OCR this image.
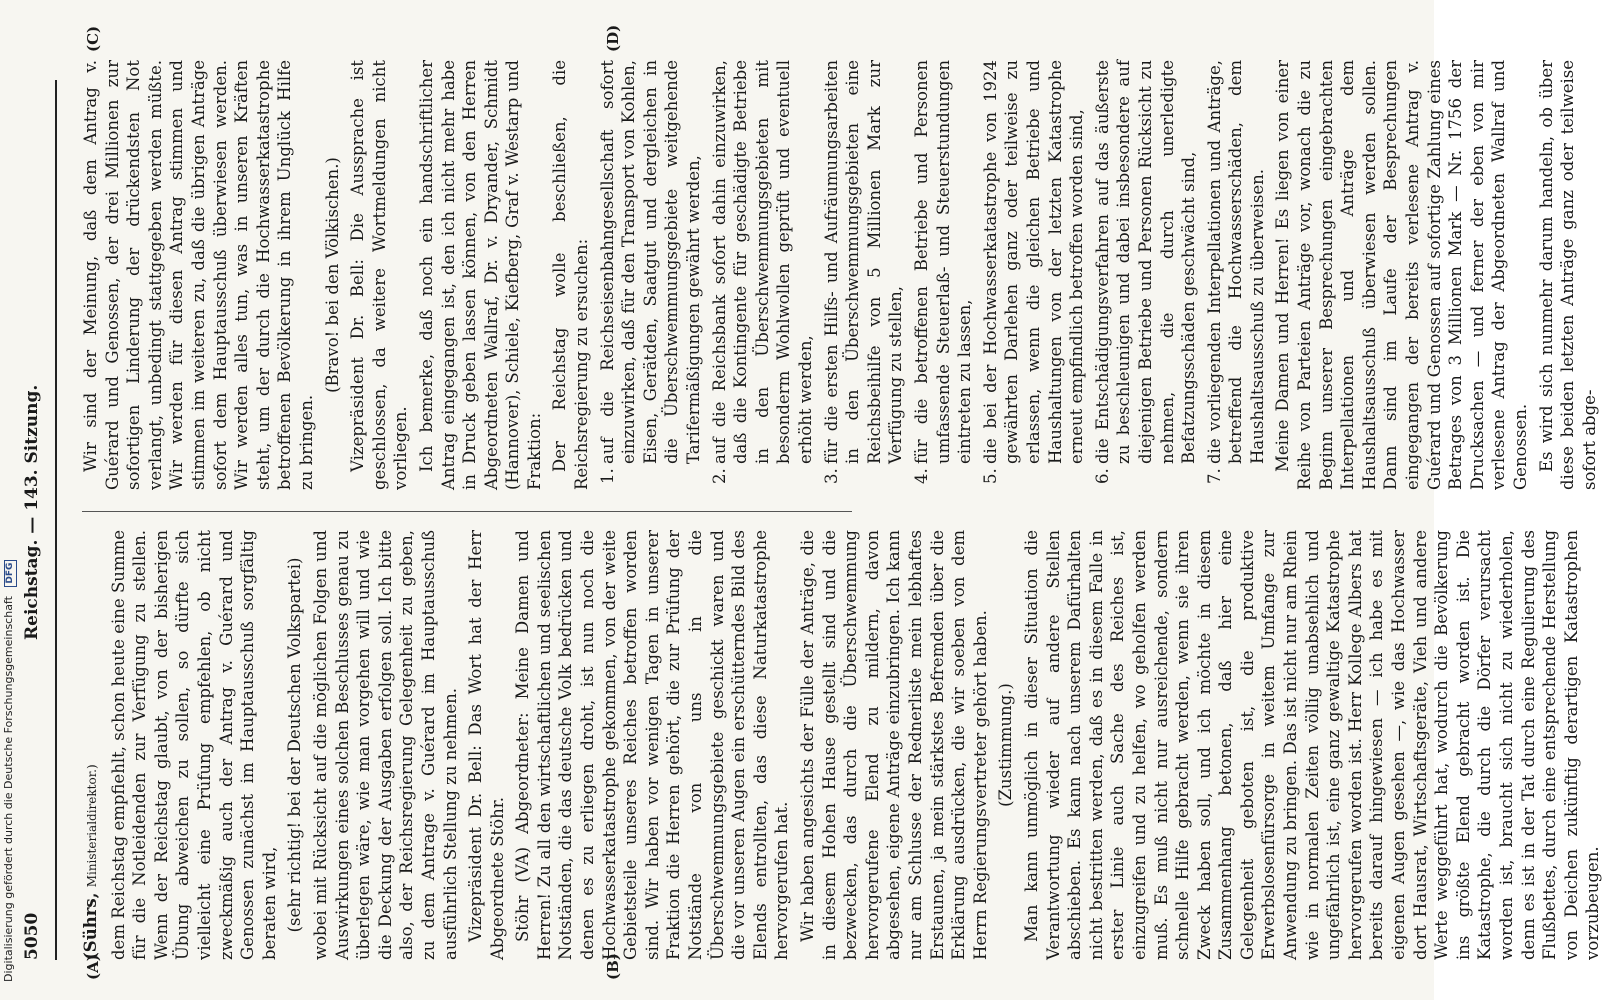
5050
Reichstag. — 143. Sitzung.
(A)	(B)
(C)	(D)

(Sührs, Ministerialdirektor.) dem Reichstag empfiehlt, schon heute eine Summe für die Notleidenden zur Verfügung zu stellen. Wenn der Reichstag glaubt, von der bisherigen Übung abweichen zu sollen, so dürfte sich vielleicht eine Prüfung empfehlen, ob nicht zweckmäßig auch der Antrag v. Guérard und Genossen zunächst im Hauptausschuß sorgfältig beraten wird, (sehr richtig! bei der Deutschen Volkspartei) wobei mit Rücksicht auf die möglichen Folgen und Auswirkungen eines solchen Beschlusses genau zu überlegen wäre, wie man vorgehen will und wie die Deckung der Ausgaben erfolgen soll. Ich bitte also, der Reichsregierung Gelegenheit zu geben, zu dem Antrage v. Guérard im Hauptausschuß ausführlich Stellung zu nehmen. Vizepräsident Dr. Bell: Das Wort hat der Herr Abgeordnete Stöhr. Stöhr (VA) Abgeordneter: Meine Damen und Herren! Zu all den wirtschaftlichen und seelischen Notständen, die das deutsche Volk bedrücken und denen es zu erliegen droht, ist nun noch die Hochwasserkatastrophe gekommen, von der weite Gebietsteile unseres Reiches betroffen worden sind. Wir haben vor wenigen Tagen in unserer Fraktion die Herren gehört, die zur Prüfung der Notstände von uns in die Überschwemmungsgebiete geschickt waren und die vor unseren Augen ein erschütterndes Bild des Elends entrollten, das diese Naturkatastrophe hervorgerufen hat. Wir haben angesichts der Fülle der Anträge, die in diesem Hohen Hause gestellt sind und die bezwecken, das durch die Überschwemmung hervorgerufene Elend zu mildern, davon abgesehen, eigene Anträge einzubringen. Ich kann nur am Schlusse der Rednerliste mein lebhaftes Erstaunen, ja mein stärkstes Befremden über die Erklärung ausdrücken, die wir soeben von dem Herrn Regierungsvertreter gehört haben. (Zustimmung.) Man kann unmöglich in dieser Situation die Verantwortung wieder auf andere Stellen abschieben. Es kann nach unserem Dafürhalten nicht bestritten werden, daß es in diesem Falle in erster Linie auch Sache des Reiches ist, einzugreifen und zu helfen, wo geholfen werden muß. Es muß nicht nur ausreichende, sondern schnelle Hilfe gebracht werden, wenn sie ihren Zweck haben soll, und ich möchte in diesem Zusammenhang betonen, daß hier eine Gelegenheit geboten ist, die produktive Erwerbslosenfürsorge in weitem Umfange zur Anwendung zu bringen. Das ist nicht nur am Rhein wie in normalen Zeiten völlig unabsehlich und ungefährlich ist, eine ganz gewaltige Katastrophe hervorgerufen worden ist. Herr Kollege Albers hat bereits darauf hingewiesen — ich habe es mit eigenen Augen gesehen —, wie das Hochwasser dort Hausrat, Wirtschaftsgeräte, Vieh und andere Werte weggeführt hat, wodurch die Bevölkerung ins größte Elend gebracht worden ist. Die Katastrophe, die durch die Dörfer verursacht worden ist, braucht sich nicht zu wiederholen, denn es ist in der Tat durch eine Regulierung des Flußbettes, durch eine entsprechende Herstellung von Deichen zukünftig derartigen Katastrophen vorzubeugen.

Wir sind der Meinung, daß dem Antrag v. Guérard und Genossen, der drei Millionen zur sofortigen Linderung der drückendsten Not verlangt, unbedingt stattgegeben werden müßte. Wir werden für diesen Antrag stimmen und stimmen im weiteren zu, daß die übrigen Anträge sofort dem Hauptausschuß überwiesen werden. Wir werden alles tun, was in unseren Kräften steht, um der durch die Hochwasserkatastrophe betroffenen Bevölkerung in ihrem Unglück Hilfe zu bringen.

(Bravo! bei den Völkischen.) Vizepräsident Dr. Bell: Die Aussprache ist geschlossen, da weitere Wortmeldungen nicht vorliegen. Ich bemerke, daß noch ein handschriftlicher Antrag eingegangen ist, den ich nicht mehr habe in Druck geben lassen können, von den Herren Abgeordneten Wallraf, Dr. v. Dryander, Schmidt (Hannover), Schiele, Kiefberg, Graf v. Westarp und Fraktion: Der Reichstag wolle beschließen, die Reichsregierung zu ersuchen: 1.
auf die Reichseisenbahngesellschaft sofort einzuwirken, daß für den Transport von Kohlen, Eisen, Gerätden, Saatgut und dergleichen in die Überschwemmungsgebiete weitgehende Tarifermäßigungen gewährt werden,

2.
auf die Reichsbank sofort dahin einzuwirken, daß die Kontingente für geschädigte Betriebe in den Überschwemmungsgebieten mit besonderm Wohlwollen geprüft und eventuell erhöht werden,

3.
für die ersten Hilfs- und Aufräumungsarbeiten in den Überschwemmungsgebieten eine Reichsbeihilfe von 5 Millionen Mark zur Verfügung zu stellen,

4.
für die betroffenen Betriebe und Personen umfassende Steuerlaß- und Steuerstundungen eintreten zu lassen,

5.
die bei der Hochwasserkatastrophe von 1924 gewährten Darlehen ganz oder teilweise zu erlassen, wenn die gleichen Betriebe und Haushaltungen von der letzten Katastrophe erneut empfindlich betroffen worden sind,

6.
die Entschädigungsverfahren auf das äußerste zu beschleunigen und dabei insbesondere auf diejenigen Betriebe und Personen Rücksicht zu nehmen, die durch unerledigte Befatzungsschäden geschwächt sind,

7.
die vorliegenden Interpellationen und Anträge, betreffend die Hochwasserschäden, dem Haushaltsausschuß zu überweisen. Meine Damen und Herren! Es liegen von einer Reihe von Parteien Anträge vor, wonach die zu Beginn unserer Besprechungen eingebrachten Interpellationen und Anträge dem Haushaltsausschuß überwiesen werden sollen. Dann sind im Laufe der Besprechungen eingegangen der bereits verlesene Antrag v. Guérard und Genossen auf sofortige Zahlung eines Betrages von 3 Millionen Mark — Nr. 1756 der Drucksachen — und ferner der eben von mir verlesene Antrag der Abgeordneten Wallraf und Genossen. Es wird sich nunmehr darum handeln, ob über diese beiden letzten Anträge ganz oder teilweise sofort abge-

Digitalisierung gefördert durch die Deutsche Forschungsgemeinschaft DFG
